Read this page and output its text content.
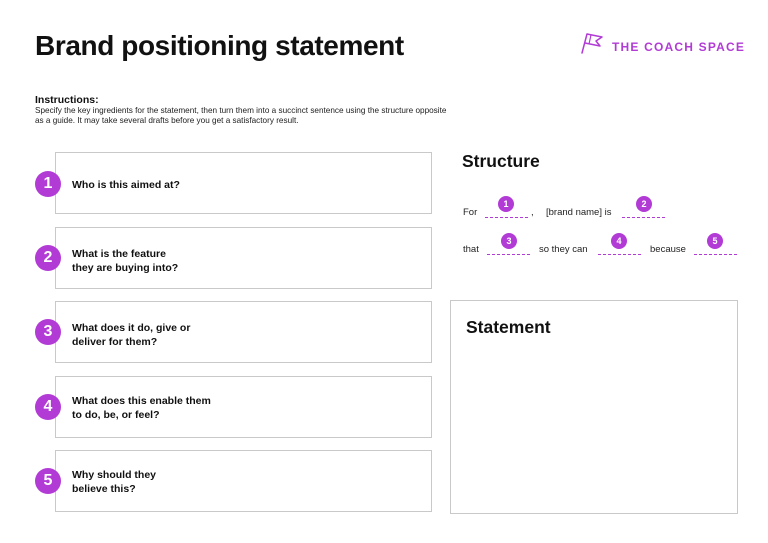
Brand positioning statement	THE COACH SPACE
Instructions:
Specify the key ingredients for the statement, then turn them into a succinct sentence using the structure opposite as a guide. It may take several drafts before you get a satisfactory result.
1	Who is this aimed at?
2	What is the feature
they are buying into?
3	What does it do, give or
deliver for them?
4	What does this enable them
to do, be, or feel?
5	Why should they
believe this?
Structure
For
1
, [brand name] is
2
that
3
so they can
4
because
5
Statement
